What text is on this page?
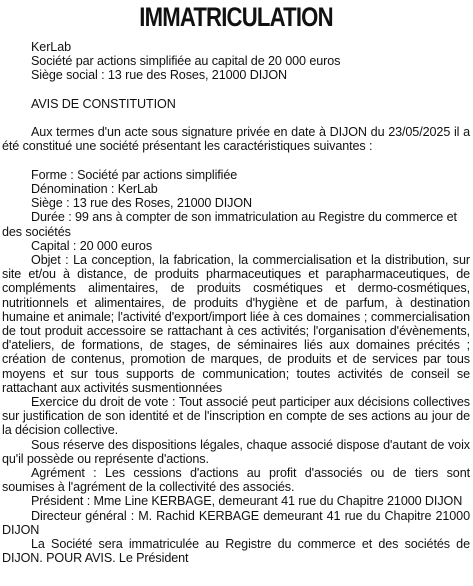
IMMATRICULATION

KerLab

Société par actions simplifiée au capital de 20 000 euros

Siège social : 13 rue des Roses, 21000 DIJON

AVIS DE CONSTITUTION

Aux termes d'un acte sous signature privée en date à DIJON du 23/05/2025 il a été constitué une société présentant les caractéristiques suivantes :

Forme : Société par actions simplifiée

Dénomination : KerLab

Siège : 13 rue des Roses, 21000 DIJON

Durée : 99 ans à compter de son immatriculation au Registre du commerce et des sociétés

Capital : 20 000 euros

Objet : La conception, la fabrication, la commercialisation et la distribution, sur site et/ou à distance, de produits pharmaceutiques et parapharmaceutiques, de compléments alimentaires, de produits cosmétiques et dermo-cosmétiques, nutritionnels et alimentaires, de produits d'hygiène et de parfum, à destination humaine et animale; l'activité d'export/import liée à ces domaines ; commercialisation de tout produit accessoire se rattachant à ces activités; l'organisation d'évènements, d'ateliers, de formations, de stages, de séminaires liés aux domaines précités ; création de contenus, promotion de marques, de produits et de services par tous moyens et sur tous supports de communication; toutes activités de conseil se rattachant aux activités susmentionnées

Exercice du droit de vote : Tout associé peut participer aux décisions collectives sur justification de son identité et de l'inscription en compte de ses actions au jour de la décision collective.

Sous réserve des dispositions légales, chaque associé dispose d'autant de voix qu'il possède ou représente d'actions.

Agrément : Les cessions d'actions au profit d'associés ou de tiers sont soumises à l'agrément de la collectivité des associés.

Président : Mme Line KERBAGE, demeurant 41 rue du Chapitre 21000 DIJON

Directeur général : M. Rachid KERBAGE demeurant 41 rue du Chapitre 21000 DIJON

La Société sera immatriculée au Registre du commerce et des sociétés de DIJON. POUR AVIS. Le Président
